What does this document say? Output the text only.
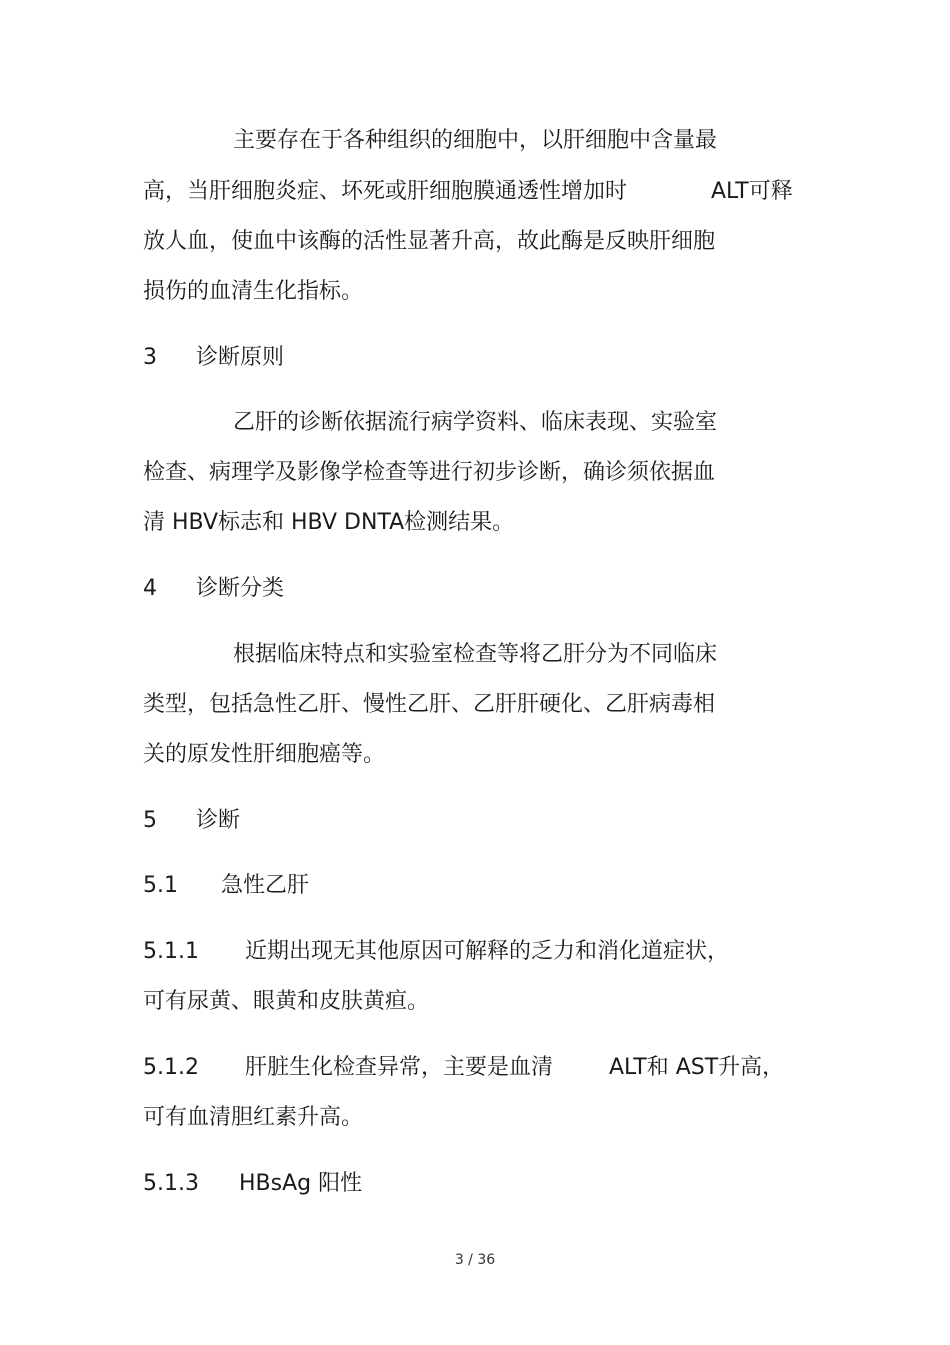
主要存在于各种组织的细胞中，以肝细胞中含量最
高，当肝细胞炎症、坏死或肝细胞膜通透性增加时	ALT可释
放人血，使血中该酶的活性显著升高，故此酶是反映肝细胞
损伤的血清生化指标。
3 诊断原则
乙肝的诊断依据流行病学资料、临床表现、实验室
检查、病理学及影像学检查等进行初步诊断，确诊须依据血
清 HBV标志和 HBV DNTA检测结果。
4 诊断分类
根据临床特点和实验室检查等将乙肝分为不同临床
类型，包括急性乙肝、慢性乙肝、乙肝肝硬化、乙肝病毒相
关的原发性肝细胞癌等。
5 诊断
5.1 急性乙肝
5.1.1 近期出现无其他原因可解释的乏力和消化道症状，
可有尿黄、眼黄和皮肤黄疸。
5.1.2 肝脏生化检查异常，主要是血清	ALT和 AST升高，
可有血清胆红素升高。
5.1.3 HBsAg 阳性
3 / 36
